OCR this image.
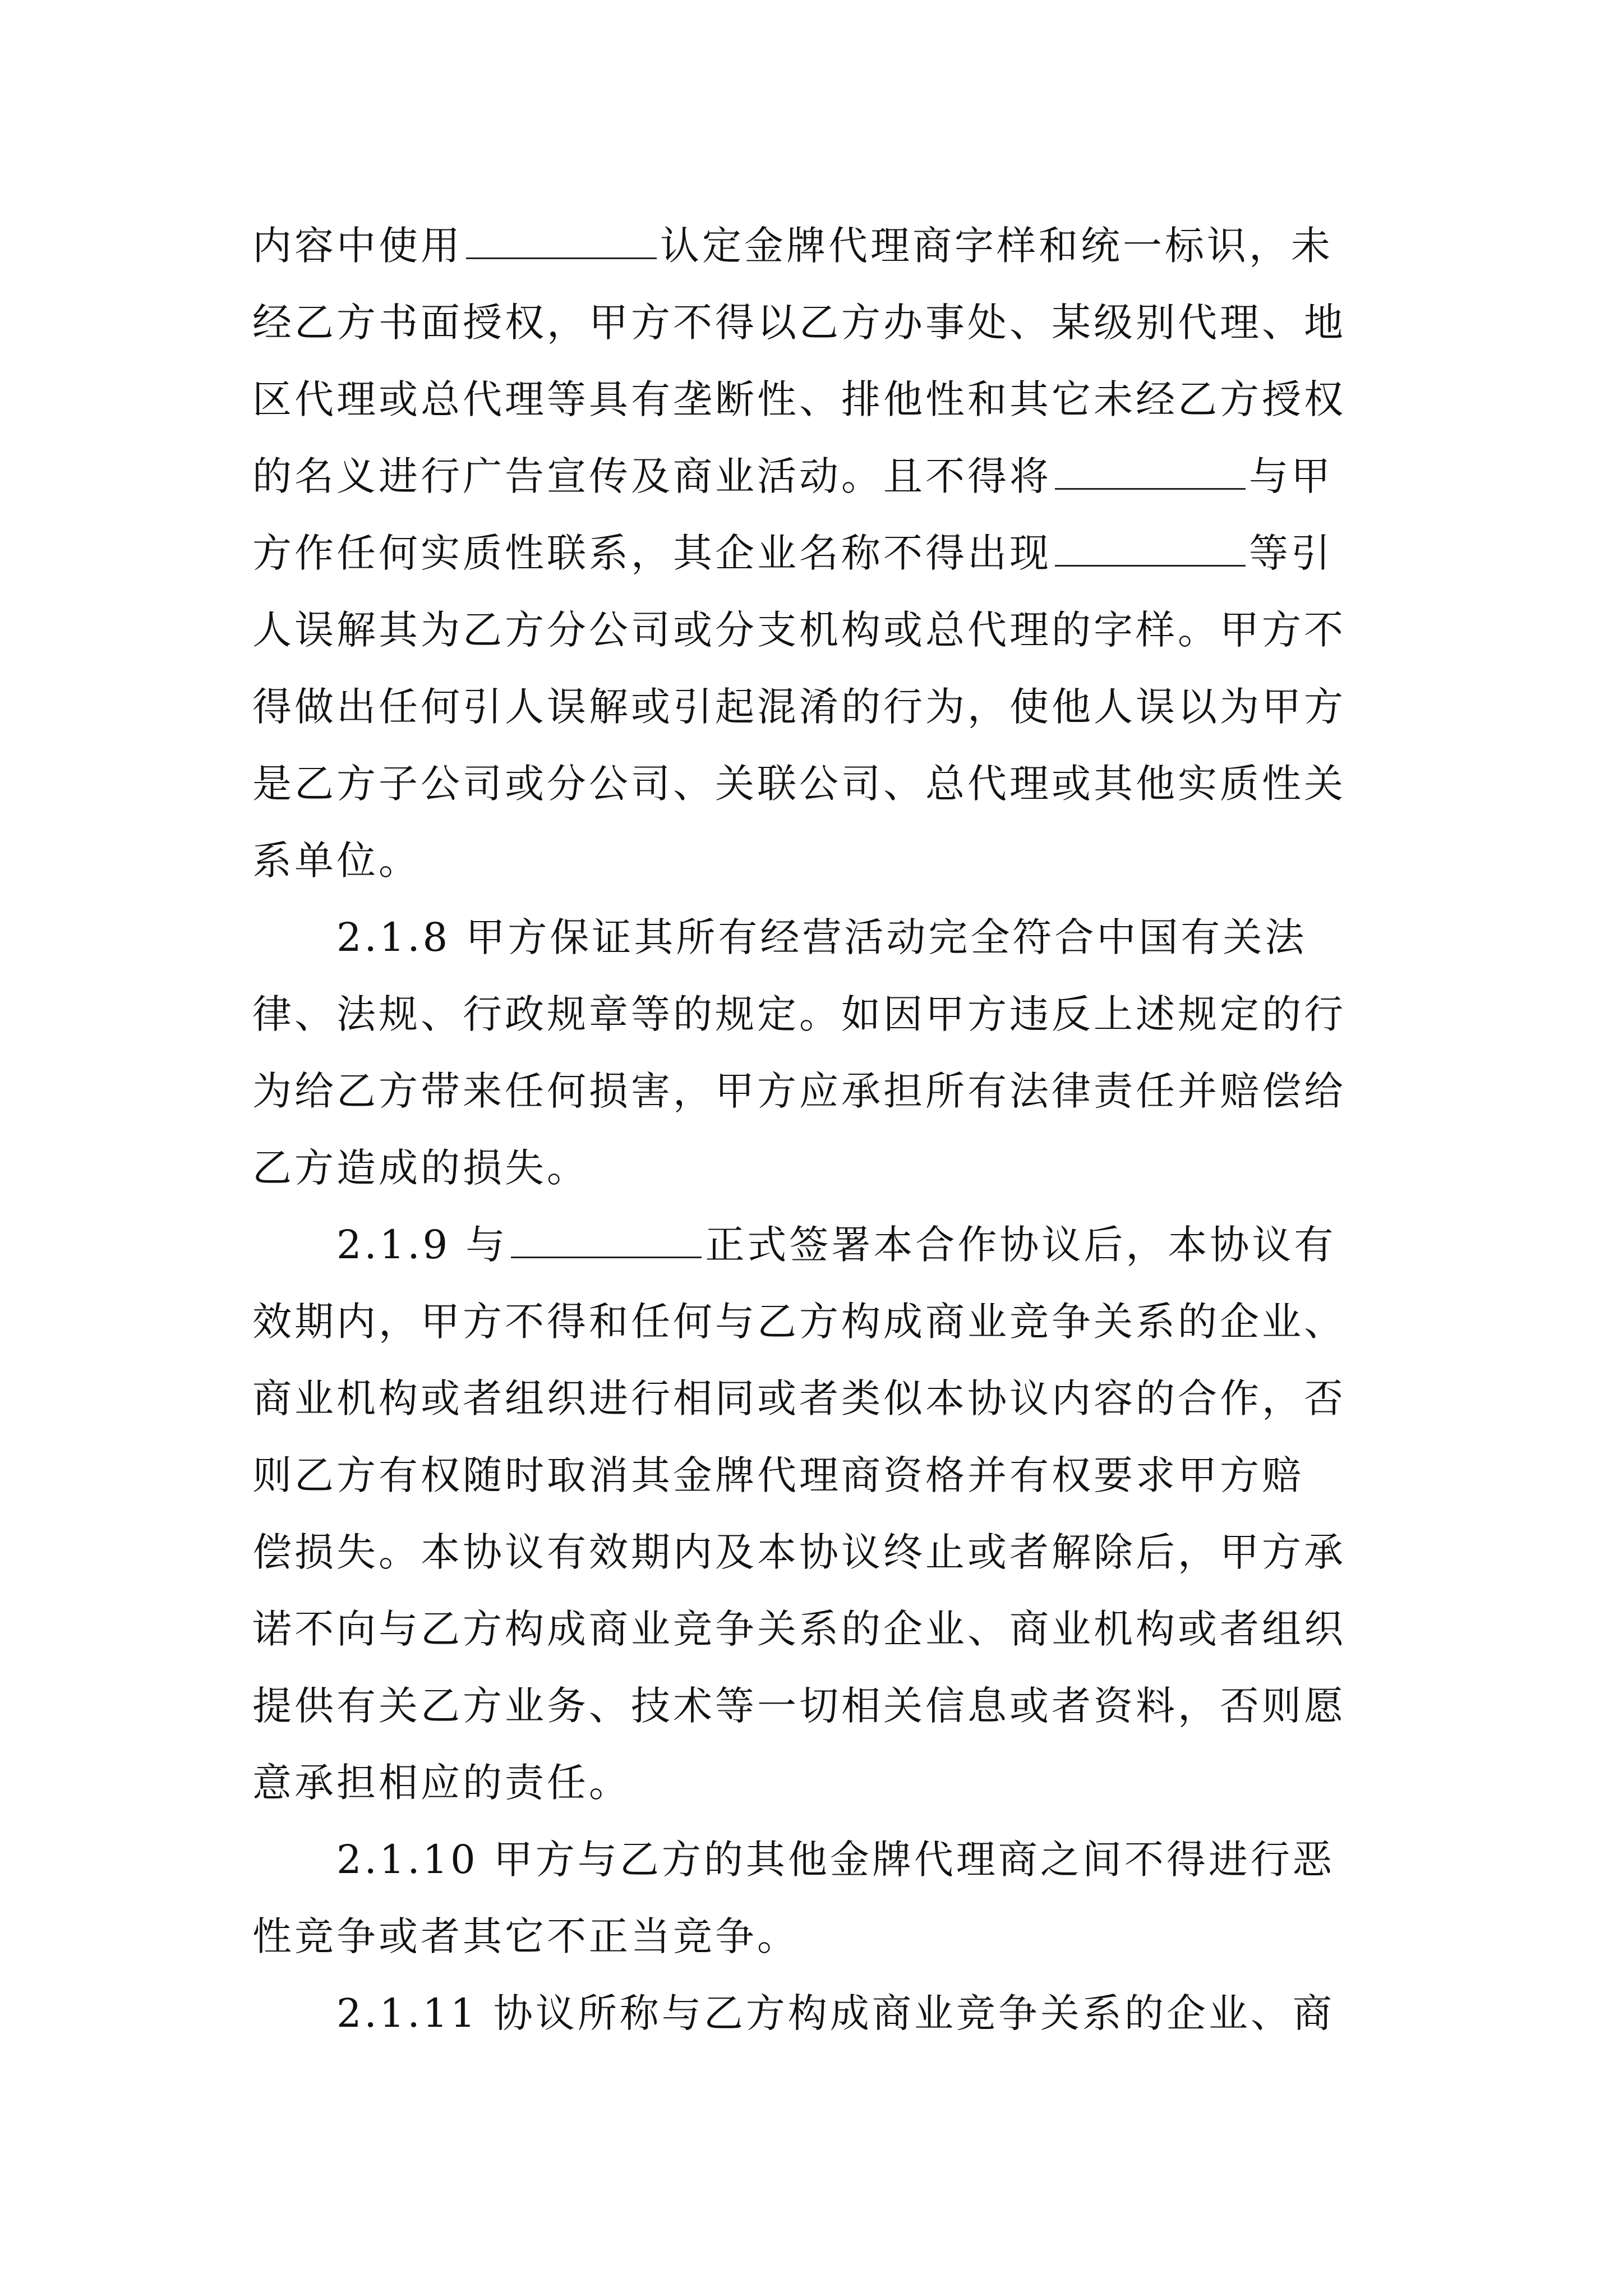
内容中使用	认定金牌代理商字样和统一标识，未
经乙方书面授权，甲方不得以乙方办事处、某级别代理、地
区代理或总代理等具有垄断性、排他性和其它未经乙方授权
的名义进行广告宣传及商业活动。且不得将	与甲
方作任何实质性联系，其企业名称不得出现	等引
人误解其为乙方分公司或分支机构或总代理的字样。甲方不
得做出任何引人误解或引起混淆的行为，使他人误以为甲方
是乙方子公司或分公司、关联公司、总代理或其他实质性关
系单位。
2.1.8 甲方保证其所有经营活动完全符合中国有关法
律、法规、行政规章等的规定。如因甲方违反上述规定的行
为给乙方带来任何损害，甲方应承担所有法律责任并赔偿给
乙方造成的损失。
2.1.9 与	正式签署本合作协议后，本协议有
效期内，甲方不得和任何与乙方构成商业竞争关系的企业、
商业机构或者组织进行相同或者类似本协议内容的合作，否
则乙方有权随时取消其金牌代理商资格并有权要求甲方赔
偿损失。本协议有效期内及本协议终止或者解除后，甲方承
诺不向与乙方构成商业竞争关系的企业、商业机构或者组织
提供有关乙方业务、技术等一切相关信息或者资料，否则愿
意承担相应的责任。
2.1.10 甲方与乙方的其他金牌代理商之间不得进行恶
性竞争或者其它不正当竞争。
2.1.11 协议所称与乙方构成商业竞争关系的企业、商
